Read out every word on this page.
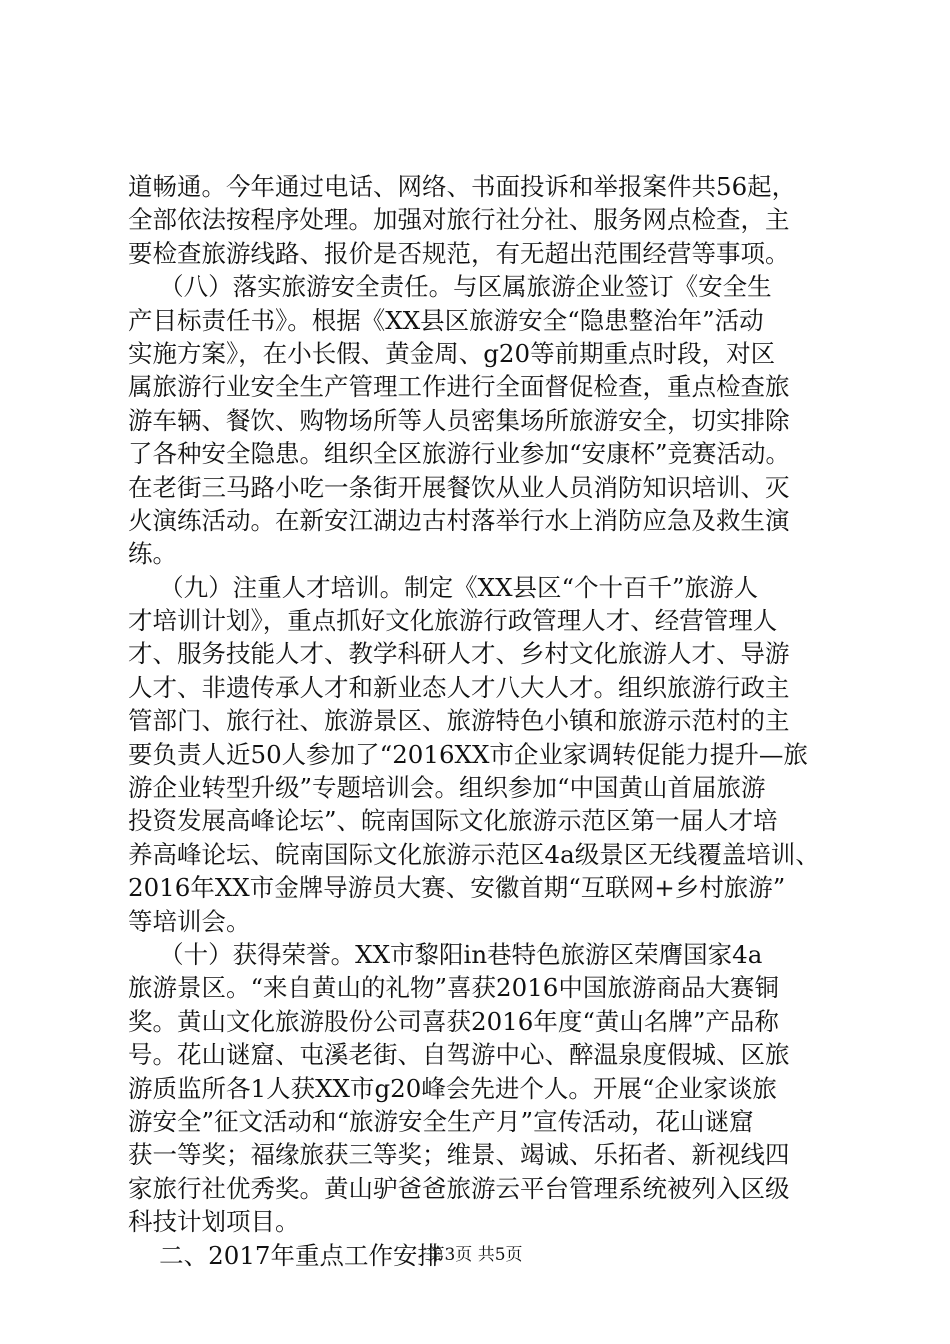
道畅通。今年通过电话、网络、书面投诉和举报案件共56起，
全部依法按程序处理。加强对旅行社分社、服务网点检查，主
要检查旅游线路、报价是否规范，有无超出范围经营等事项。
（八）落实旅游安全责任。与区属旅游企业签订《安全生
产目标责任书》。根据《XX县区旅游安全“隐患整治年”活动
实施方案》，在小长假、黄金周、g20等前期重点时段，对区
属旅游行业安全生产管理工作进行全面督促检查，重点检查旅
游车辆、餐饮、购物场所等人员密集场所旅游安全，切实排除
了各种安全隐患。组织全区旅游行业参加“安康杯”竞赛活动。
在老街三马路小吃一条街开展餐饮从业人员消防知识培训、灭
火演练活动。在新安江湖边古村落举行水上消防应急及救生演
练。
（九）注重人才培训。制定《XX县区“个十百千”旅游人
才培训计划》，重点抓好文化旅游行政管理人才、经营管理人
才、服务技能人才、教学科研人才、乡村文化旅游人才、导游
人才、非遗传承人才和新业态人才八大人才。组织旅游行政主
管部门、旅行社、旅游景区、旅游特色小镇和旅游示范村的主
要负责人近50人参加了“2016XX市企业家调转促能力提升—旅
游企业转型升级”专题培训会。组织参加“中国黄山首届旅游
投资发展高峰论坛”、皖南国际文化旅游示范区第一届人才培
养高峰论坛、皖南国际文化旅游示范区4a级景区无线覆盖培训、
2016年XX市金牌导游员大赛、安徽首期“互联网+乡村旅游”
等培训会。
（十）获得荣誉。XX市黎阳in巷特色旅游区荣膺国家4a
旅游景区。“来自黄山的礼物”喜获2016中国旅游商品大赛铜
奖。黄山文化旅游股份公司喜获2016年度“黄山名牌”产品称
号。花山谜窟、屯溪老街、自驾游中心、醉温泉度假城、区旅
游质监所各1人获XX市g20峰会先进个人。开展“企业家谈旅
游安全”征文活动和“旅游安全生产月”宣传活动，花山谜窟
获一等奖；福缘旅获三等奖；维景、竭诚、乐拓者、新视线四
家旅行社优秀奖。黄山驴爸爸旅游云平台管理系统被列入区级
科技计划项目。
二、2017年重点工作安排
第3页 共5页
